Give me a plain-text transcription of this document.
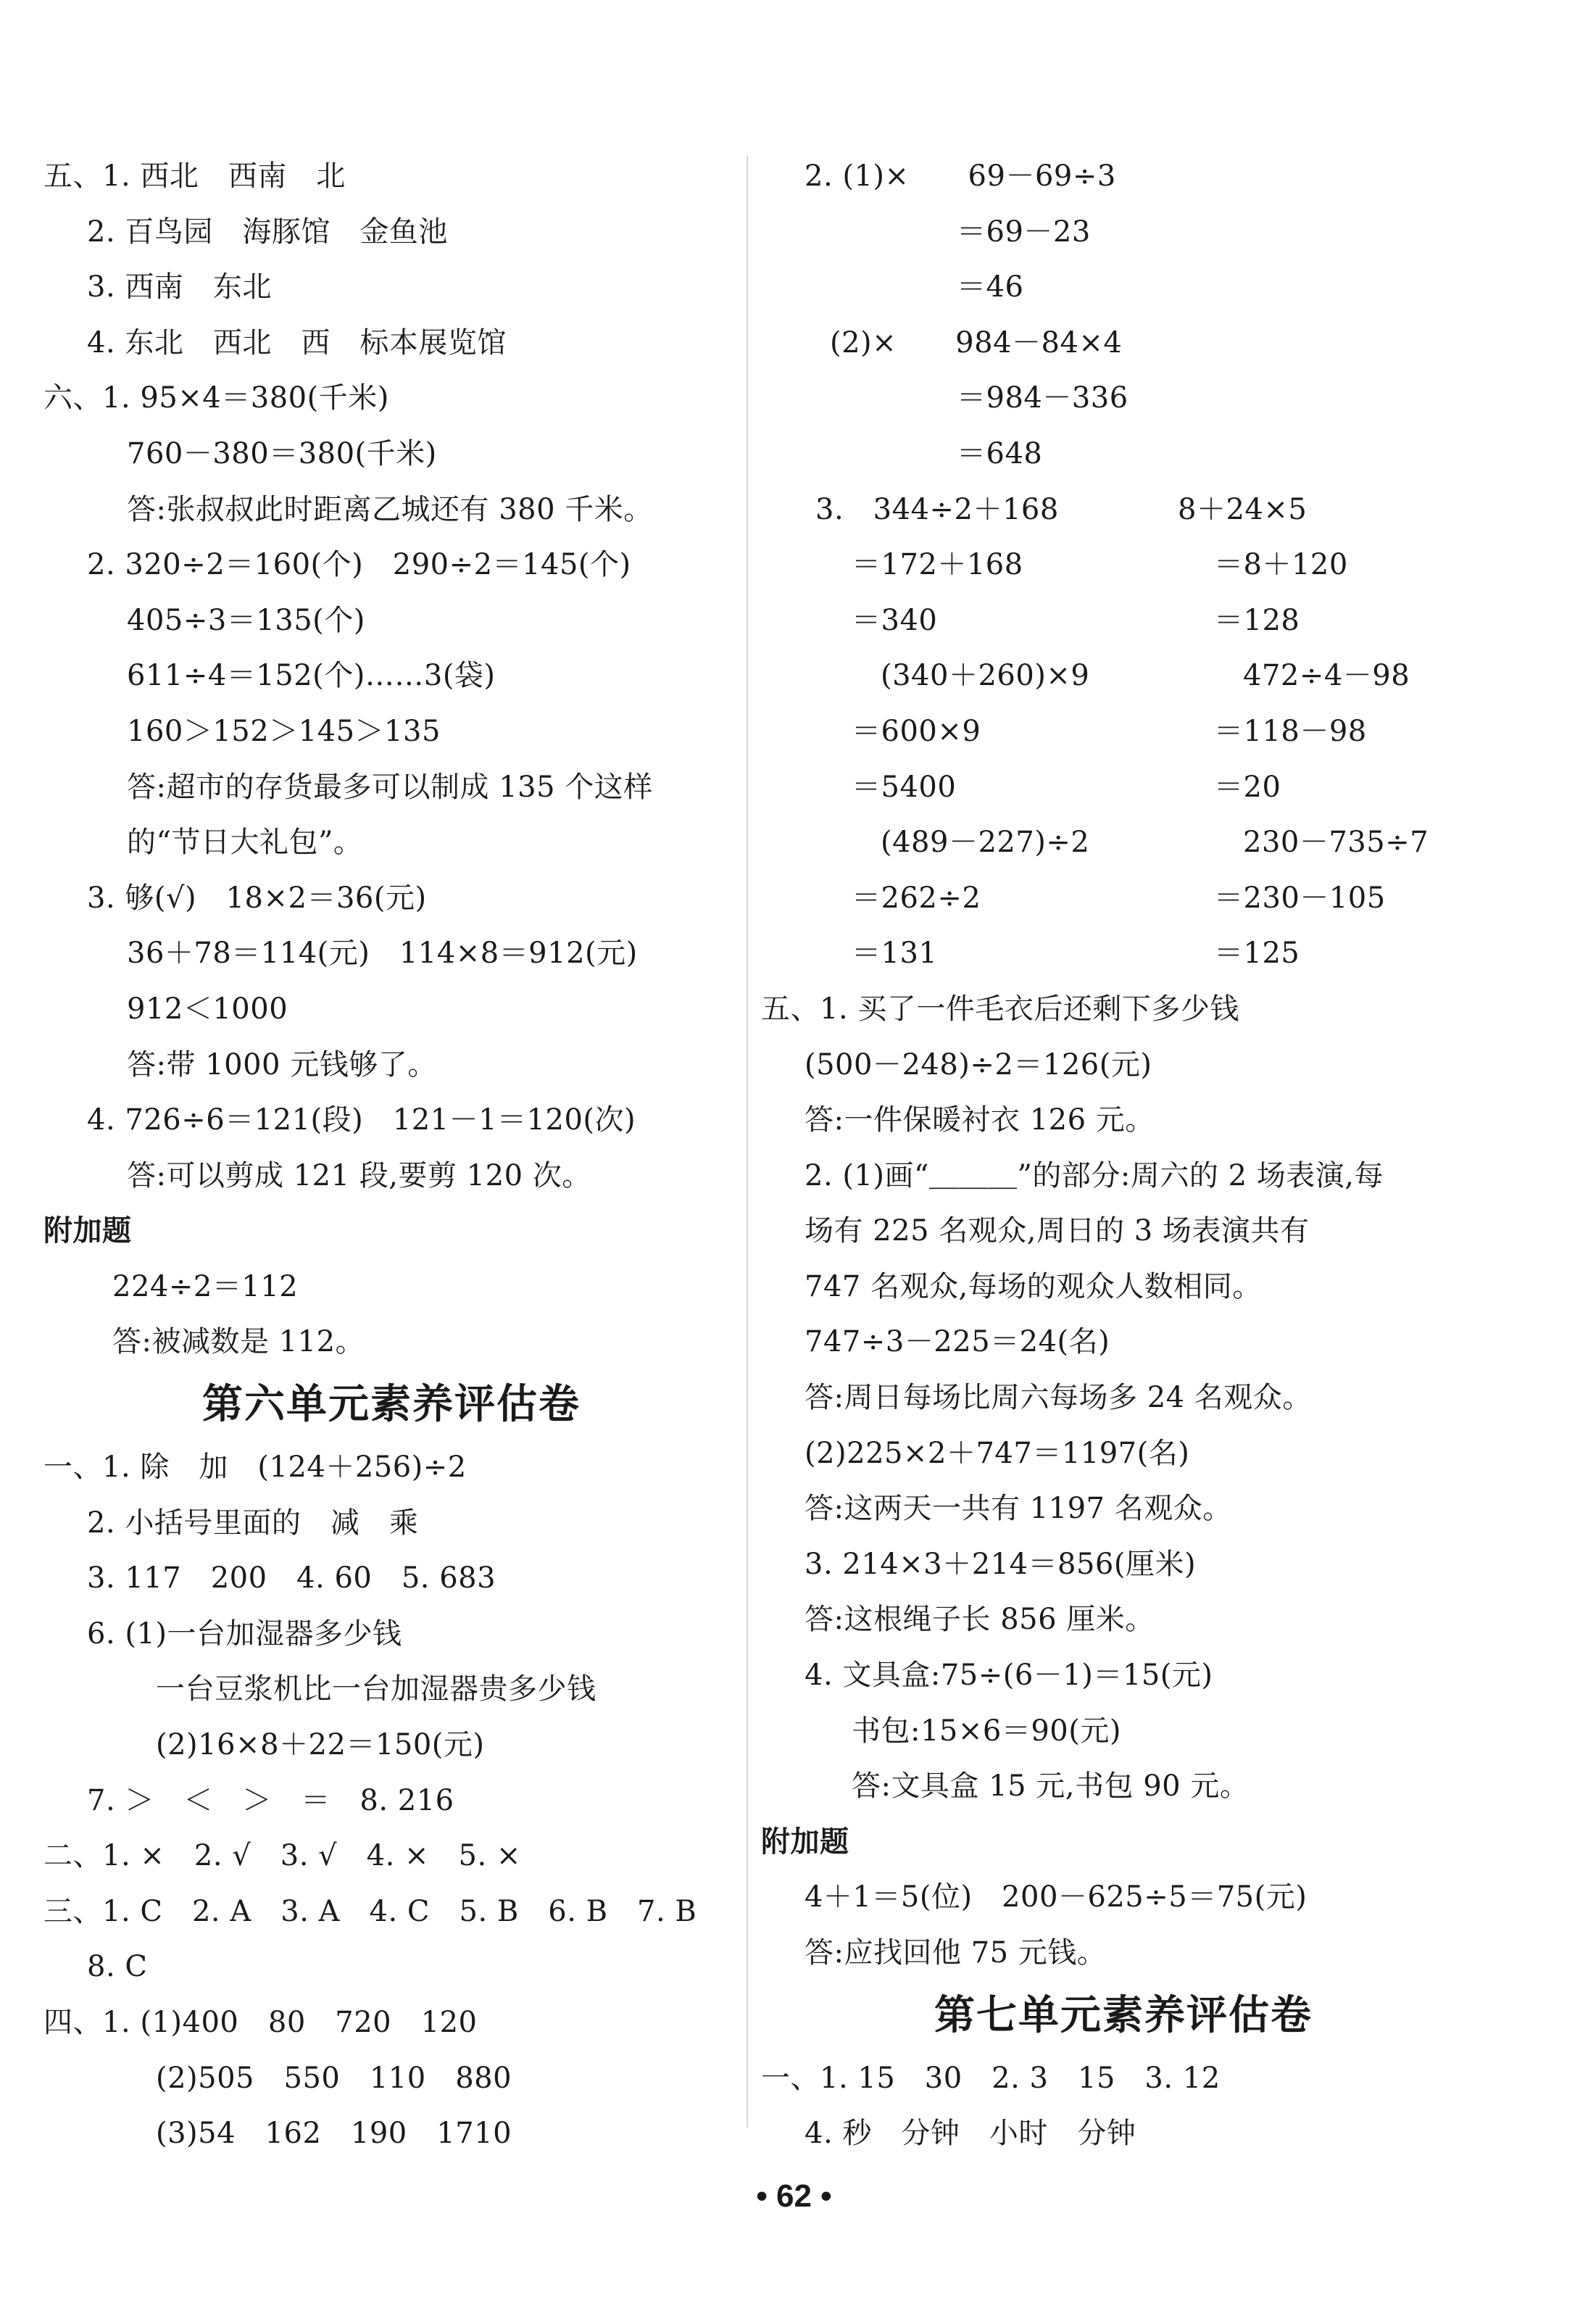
五、1. 西北　西南　北
2. 百鸟园　海豚馆　金鱼池
3. 西南　东北
4. 东北　西北　西　标本展览馆
六、1. 95×4＝380(千米)
760－380＝380(千米)
答:张叔叔此时距离乙城还有 380 千米。
2. 320÷2＝160(个)　290÷2＝145(个)
405÷3＝135(个)
611÷4＝152(个)……3(袋)
160＞152＞145＞135
答:超市的存货最多可以制成 135 个这样
的“节日大礼包”。
3. 够(√)　18×2＝36(元)
36＋78＝114(元)　114×8＝912(元)
912＜1000
答:带 1000 元钱够了。
4. 726÷6＝121(段)　121－1＝120(次)
答:可以剪成 121 段,要剪 120 次。
附加题
224÷2＝112
答:被减数是 112。
第六单元素养评估卷
一、1. 除　加　(124＋256)÷2
2. 小括号里面的　减　乘
3. 117　200　4. 60　5. 683
6. (1)一台加湿器多少钱
一台豆浆机比一台加湿器贵多少钱
(2)16×8＋22＝150(元)
7. ＞　＜　＞　＝　8. 216
二、1. ×　2. √　3. √　4. ×　5. ×
三、1. C　2. A　3. A　4. C　5. B　6. B　7. B
8. C
四、1. (1)400　80　720　120
(2)505　550　110　880
(3)54　162　190　1710
2. (1)×　　69－69÷3
＝69－23
＝46
(2)×　　984－84×4
＝984－336
＝648
3.　344÷2＋168	8＋24×5
＝172＋168	＝8＋120
＝340	＝128
(340＋260)×9	472÷4－98
＝600×9	＝118－98
＝5400	＝20
(489－227)÷2	230－735÷7
＝262÷2	＝230－105
＝131	＝125
五、1. 买了一件毛衣后还剩下多少钱
(500－248)÷2＝126(元)
答:一件保暖衬衣 126 元。
2. (1)画“＿＿＿”的部分:周六的 2 场表演,每
场有 225 名观众,周日的 3 场表演共有
747 名观众,每场的观众人数相同。
747÷3－225＝24(名)
答:周日每场比周六每场多 24 名观众。
(2)225×2＋747＝1197(名)
答:这两天一共有 1197 名观众。
3. 214×3＋214＝856(厘米)
答:这根绳子长 856 厘米。
4. 文具盒:75÷(6－1)＝15(元)
书包:15×6＝90(元)
答:文具盒 15 元,书包 90 元。
附加题
4＋1＝5(位)　200－625÷5＝75(元)
答:应找回他 75 元钱。
第七单元素养评估卷
一、1. 15　30　2. 3　15　3. 12
4. 秒　分钟　小时　分钟
• 62 •
